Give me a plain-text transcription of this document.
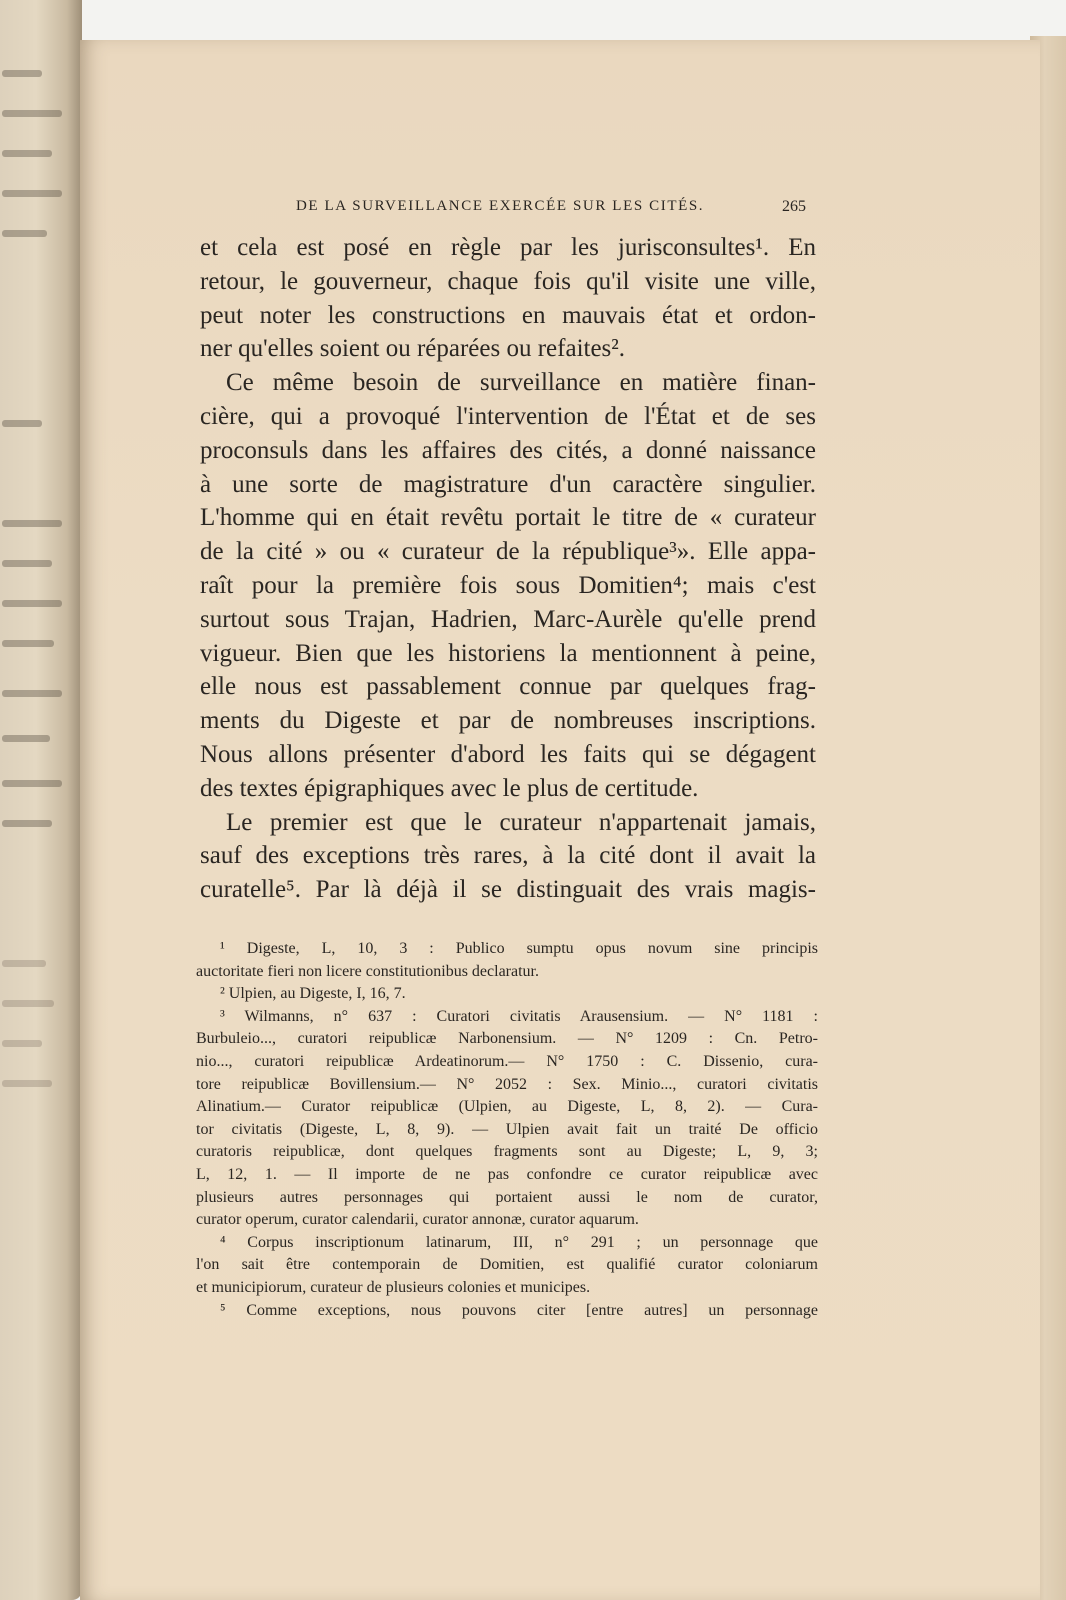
DE LA SURVEILLANCE EXERCÉE SUR LES CITÉS.	265
et cela est posé en règle par les jurisconsultes¹. En
retour, le gouverneur, chaque fois qu'il visite une ville,
peut noter les constructions en mauvais état et ordon-
ner qu'elles soient ou réparées ou refaites².
Ce même besoin de surveillance en matière finan-
cière, qui a provoqué l'intervention de l'État et de ses
proconsuls dans les affaires des cités, a donné naissance
à une sorte de magistrature d'un caractère singulier.
L'homme qui en était revêtu portait le titre de « curateur
de la cité » ou « curateur de la république³». Elle appa-
raît pour la première fois sous Domitien⁴; mais c'est
surtout sous Trajan, Hadrien, Marc-Aurèle qu'elle prend
vigueur. Bien que les historiens la mentionnent à peine,
elle nous est passablement connue par quelques frag-
ments du Digeste et par de nombreuses inscriptions.
Nous allons présenter d'abord les faits qui se dégagent
des textes épigraphiques avec le plus de certitude.
Le premier est que le curateur n'appartenait jamais,
sauf des exceptions très rares, à la cité dont il avait la
curatelle⁵. Par là déjà il se distinguait des vrais magis-
¹ Digeste, L, 10, 3 : Publico sumptu opus novum sine principis
auctoritate fieri non licere constitutionibus declaratur.
² Ulpien, au Digeste, I, 16, 7.
³ Wilmanns, n° 637 : Curatori civitatis Arausensium. — N° 1181 :
Burbuleio..., curatori reipublicæ Narbonensium. — N° 1209 : Cn. Petro-
nio..., curatori reipublicæ Ardeatinorum.— N° 1750 : C. Dissenio, cura-
tore reipublicæ Bovillensium.— N° 2052 : Sex. Minio..., curatori civitatis
Alinatium.— Curator reipublicæ (Ulpien, au Digeste, L, 8, 2). — Cura-
tor civitatis (Digeste, L, 8, 9). — Ulpien avait fait un traité De officio
curatoris reipublicæ, dont quelques fragments sont au Digeste; L, 9, 3;
L, 12, 1. — Il importe de ne pas confondre ce curator reipublicæ avec
plusieurs autres personnages qui portaient aussi le nom de curator,
curator operum, curator calendarii, curator annonæ, curator aquarum.
⁴ Corpus inscriptionum latinarum, III, n° 291 ; un personnage que
l'on sait être contemporain de Domitien, est qualifié curator coloniarum
et municipiorum, curateur de plusieurs colonies et municipes.
⁵ Comme exceptions, nous pouvons citer [entre autres] un personnage
